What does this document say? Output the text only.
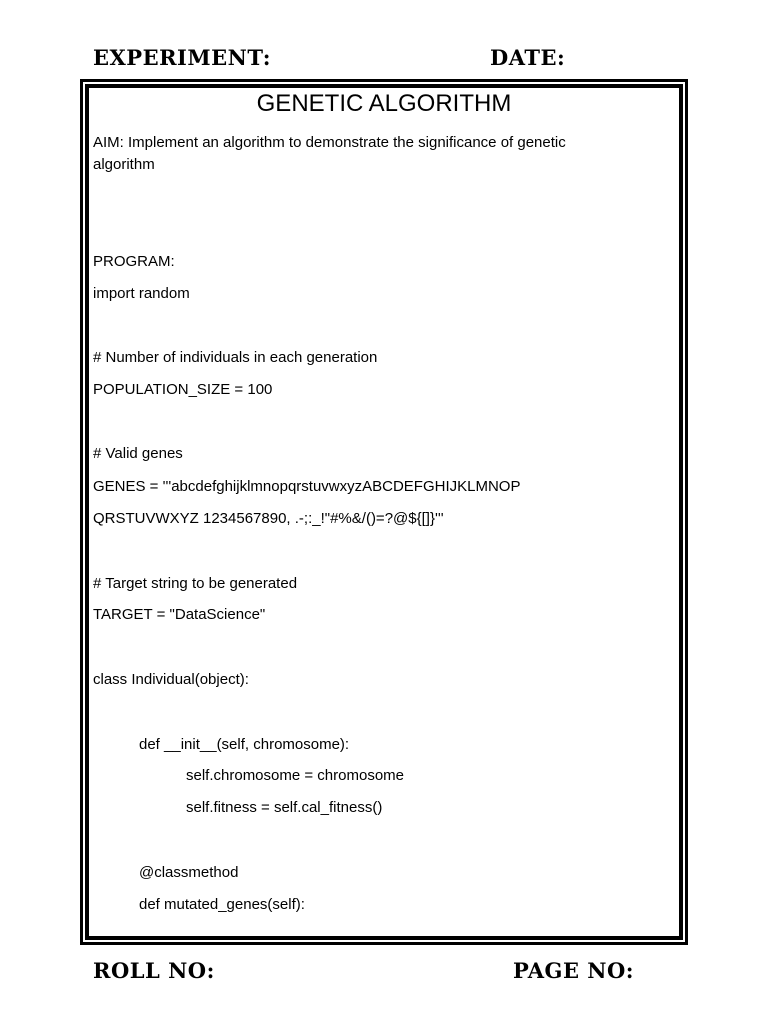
EXPERIMENT:	DATE:
GENETIC ALGORITHM
AIM: Implement an algorithm to demonstrate the significance of genetic
algorithm
PROGRAM:
import random
# Number of individuals in each generation
POPULATION_SIZE = 100
# Valid genes
GENES = '''abcdefghijklmnopqrstuvwxyzABCDEFGHIJKLMNOP
QRSTUVWXYZ 1234567890, .-;:_!"#%&/()=?@${[]}'''
# Target string to be generated
TARGET = "DataScience"
class Individual(object):
def __init__(self, chromosome):
self.chromosome = chromosome
self.fitness = self.cal_fitness()
@classmethod
def mutated_genes(self):
ROLL NO:	PAGE NO:
